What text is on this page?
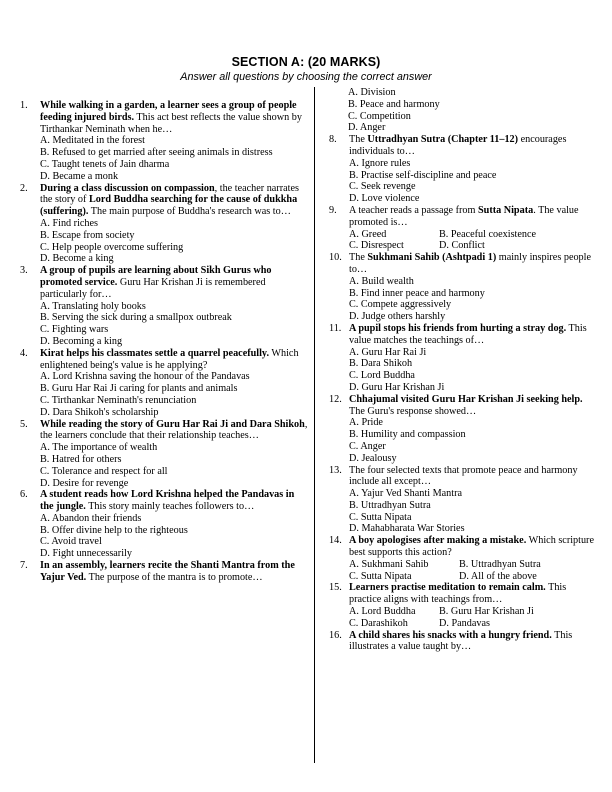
SECTION A: (20 MARKS)
Answer all questions by choosing the correct answer
1. While walking in a garden, a learner sees a group of people feeding injured birds. This act best reflects the value shown by Tirthankar Neminath when he…
A. Meditated in the forest
B. Refused to get married after seeing animals in distress
C. Taught tenets of Jain dharma
D. Became a monk
2. During a class discussion on compassion, the teacher narrates the story of Lord Buddha searching for the cause of dukkha (suffering). The main purpose of Buddha's research was to…
A. Find riches
B. Escape from society
C. Help people overcome suffering
D. Become a king
3. A group of pupils are learning about Sikh Gurus who promoted service. Guru Har Krishan Ji is remembered particularly for…
A. Translating holy books
B. Serving the sick during a smallpox outbreak
C. Fighting wars
D. Becoming a king
4. Kirat helps his classmates settle a quarrel peacefully. Which enlightened being's value is he applying?
A. Lord Krishna saving the honour of the Pandavas
B. Guru Har Rai Ji caring for plants and animals
C. Tirthankar Neminath's renunciation
D. Dara Shikoh's scholarship
5. While reading the story of Guru Har Rai Ji and Dara Shikoh, the learners conclude that their relationship teaches…
A. The importance of wealth
B. Hatred for others
C. Tolerance and respect for all
D. Desire for revenge
6. A student reads how Lord Krishna helped the Pandavas in the jungle. This story mainly teaches followers to…
A. Abandon their friends
B. Offer divine help to the righteous
C. Avoid travel
D. Fight unnecessarily
7. In an assembly, learners recite the Shanti Mantra from the Yajur Ved. The purpose of the mantra is to promote…
A. Division
B. Peace and harmony
C. Competition
D. Anger
8. The Uttradhyan Sutra (Chapter 11–12) encourages individuals to…
A. Ignore rules
B. Practise self-discipline and peace
C. Seek revenge
D. Love violence
9. A teacher reads a passage from Sutta Nipata. The value promoted is…
A. Greed	B. Peaceful coexistence
C. Disrespect	D. Conflict
10. The Sukhmani Sahib (Ashtpadi 1) mainly inspires people to…
A. Build wealth
B. Find inner peace and harmony
C. Compete aggressively
D. Judge others harshly
11. A pupil stops his friends from hurting a stray dog. This value matches the teachings of…
A. Guru Har Rai Ji
B. Dara Shikoh
C. Lord Buddha
D. Guru Har Krishan Ji
12. Chhajumal visited Guru Har Krishan Ji seeking help. The Guru's response showed…
A. Pride
B. Humility and compassion
C. Anger
D. Jealousy
13. The four selected texts that promote peace and harmony include all except…
A. Yajur Ved Shanti Mantra
B. Uttradhyan Sutra
C. Sutta Nipata
D. Mahabharata War Stories
14. A boy apologises after making a mistake. Which scripture best supports this action?
A. Sukhmani Sahib	B. Uttradhyan Sutra
C. Sutta Nipata	D. All of the above
15. Learners practise meditation to remain calm. This practice aligns with teachings from…
A. Lord Buddha	B. Guru Har Krishan Ji
C. Darashikoh	D. Pandavas
16. A child shares his snacks with a hungry friend. This illustrates a value taught by…
